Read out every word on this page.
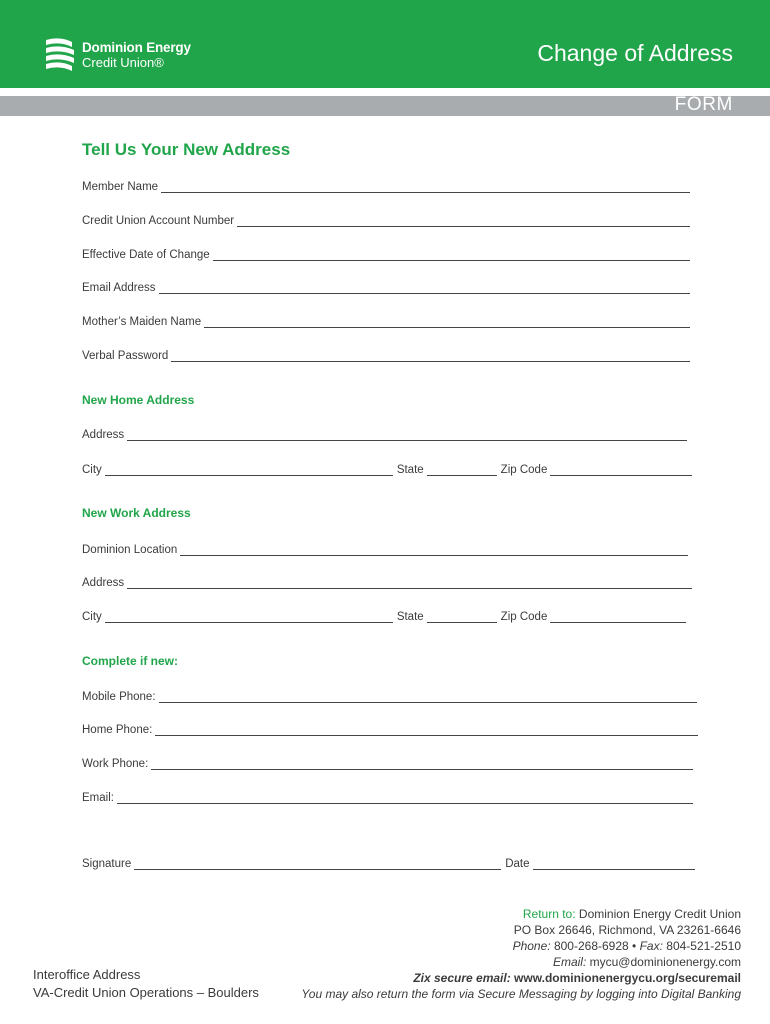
Dominion Energy
Credit Union®	Change of Address
FORM
Tell Us Your New Address
Member Name
Credit Union Account Number
Effective Date of Change
Email Address
Mother’s Maiden Name
Verbal Password
New Home Address
Address
City	State	Zip Code
New Work Address
Dominion Location
Address
City	State	Zip Code
Complete if new:
Mobile Phone:
Home Phone:
Work Phone:
Email:
Signature	Date
Return to: Dominion Energy Credit Union
PO Box 26646, Richmond, VA 23261-6646
Phone: 800-268-6928 • Fax: 804-521-2510
Email: mycu@dominionenergy.com
Zix secure email: www.dominionenergycu.org/securemail
You may also return the form via Secure Messaging by logging into Digital Banking
Interoffice Address
VA-Credit Union Operations – Boulders
